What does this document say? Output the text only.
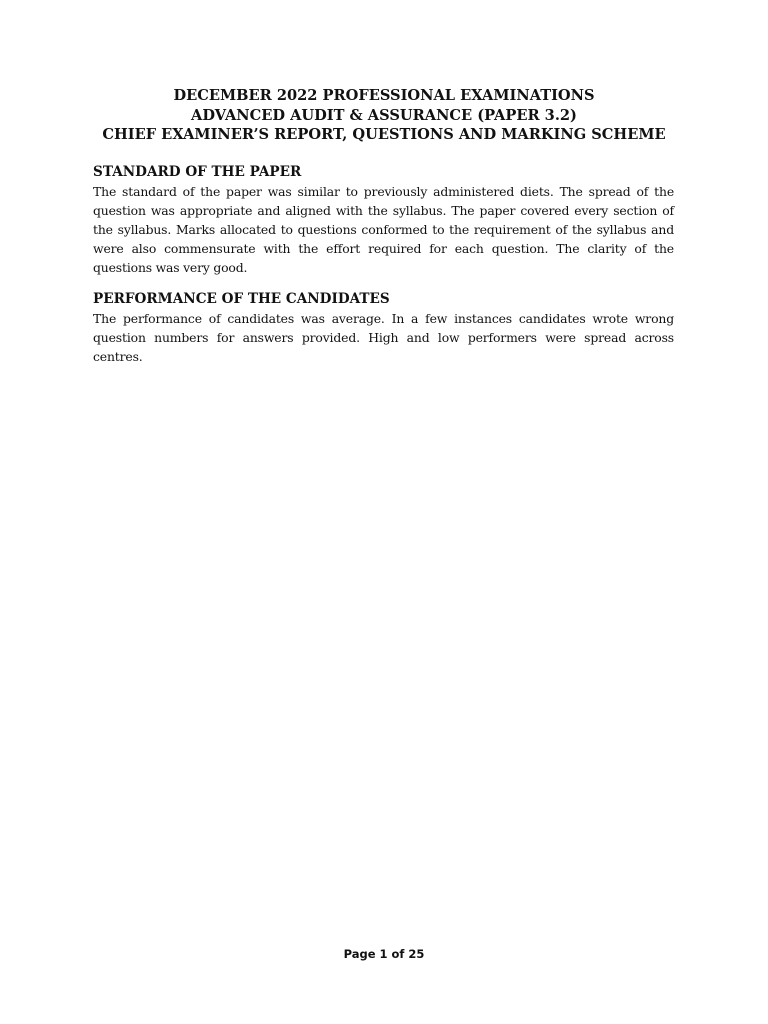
DECEMBER 2022 PROFESSIONAL EXAMINATIONS
ADVANCED AUDIT & ASSURANCE (PAPER 3.2)
CHIEF EXAMINER’S REPORT, QUESTIONS AND MARKING SCHEME

STANDARD OF THE PAPER

The standard of the paper was similar to previously administered diets. The spread of the question was appropriate and aligned with the syllabus. The paper covered every section of the syllabus. Marks allocated to questions conformed to the requirement of the syllabus and were also commensurate with the effort required for each question. The clarity of the questions was very good.

PERFORMANCE OF THE CANDIDATES

The performance of candidates was average. In a few instances candidates wrote wrong question numbers for answers provided. High and low performers were spread across centres.

Page 1 of 25
